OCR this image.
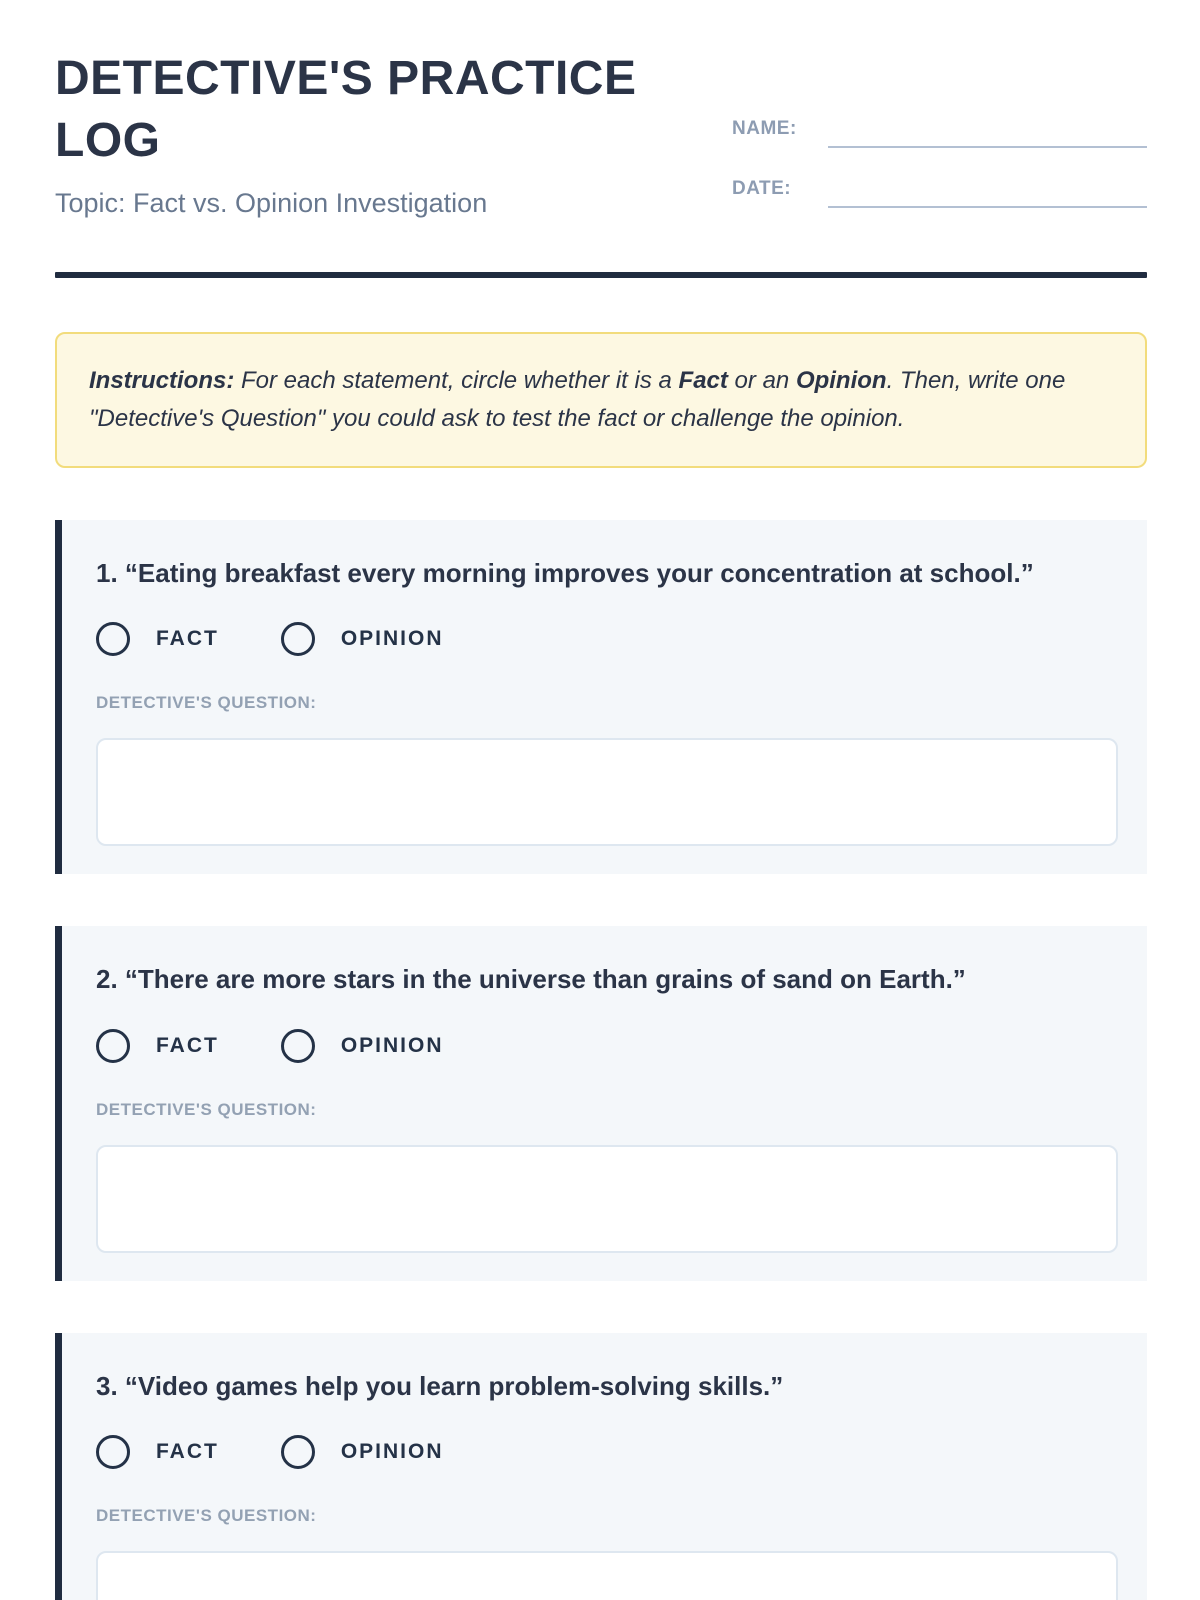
DETECTIVE'S PRACTICE LOG
Topic: Fact vs. Opinion Investigation
NAME:
DATE:
Instructions: For each statement, circle whether it is a Fact or an Opinion. Then, write one "Detective's Question" you could ask to test the fact or challenge the opinion.
1. “Eating breakfast every morning improves your concentration at school.”
FACT	OPINION
DETECTIVE'S QUESTION:
2. “There are more stars in the universe than grains of sand on Earth.”
FACT	OPINION
DETECTIVE'S QUESTION:
3. “Video games help you learn problem-solving skills.”
FACT	OPINION
DETECTIVE'S QUESTION:
